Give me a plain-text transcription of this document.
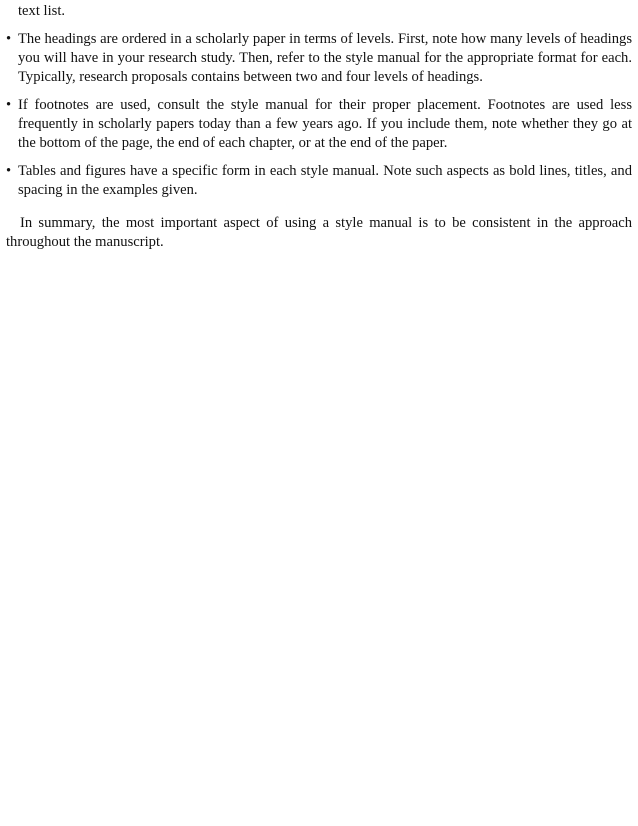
text list.

• The headings are ordered in a scholarly paper in terms of levels. First, note how many levels of headings you will have in your research study. Then, refer to the style manual for the appropriate format for each. Typically, research proposals contains between two and four levels of headings.

• If footnotes are used, consult the style manual for their proper placement. Footnotes are used less frequently in scholarly papers today than a few years ago. If you include them, note whether they go at the bottom of the page, the end of each chapter, or at the end of the paper.

• Tables and figures have a specific form in each style manual. Note such aspects as bold lines, titles, and spacing in the examples given.

In summary, the most important aspect of using a style manual is to be consistent in the approach throughout the manuscript.
